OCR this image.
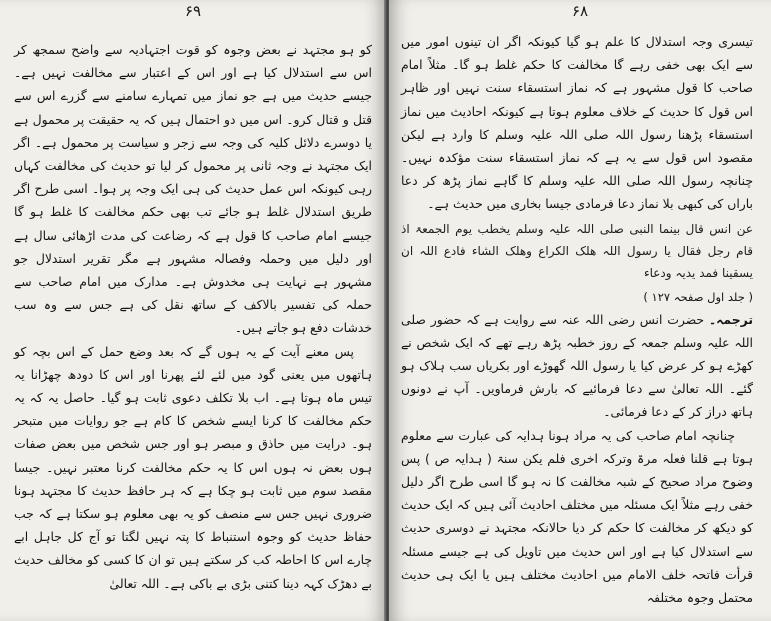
۶۹

کو ہو مجتہد نے بعض وجوہ کو قوت اجتہادیہ سے واضح سمجھ کر اس سے استدلال کیا ہے اور اس کے اعتبار سے مخالفت نہیں ہے۔ جیسے حدیث میں ہے جو نماز میں تمہارے سامنے سے گزرے اس سے قتل و قتال کرو۔ اس میں دو احتمال ہیں کہ یہ حقیقت پر محمول ہے یا دوسرے دلائل کلیہ کی وجہ سے زجر و سیاست پر محمول ہے۔ اگر ایک مجتہد نے وجہ ثانی پر محمول کر لیا تو حدیث کی مخالفت کہاں رہی کیونکہ اس عمل حدیث کی ہی ایک وجہ پر ہوا۔ اسی طرح اگر طریق استدلال غلط ہو جائے تب بھی حکم مخالفت کا غلط ہو گا جیسے امام صاحب کا قول ہے کہ رضاعت کی مدت اڑھائی سال ہے اور دلیل میں وحملہ وفصالہ مشہور ہے مگر تقریر استدلال جو مشہور ہے نہایت ہی مخدوش ہے۔ مدارک میں امام صاحب سے حملہ کی تفسیر بالاکف کے ساتھ نقل کی ہے جس سے وہ سب خدشات دفع ہو جاتے ہیں۔

پس معنے آیت کے یہ ہوں گے کہ بعد وضع حمل کے اس بچہ کو ہاتھوں میں یعنی گود میں لئے لئے پھرنا اور اس کا دودھ چھڑانا یہ تیس ماہ ہوتا ہے۔ اب بلا تکلف دعوی ثابت ہو گیا۔ حاصل یہ کہ یہ حکم مخالفت کا کرنا ایسے شخص کا کام ہے جو روایات میں متبحر ہو۔ درایت میں حاذق و مبصر ہو اور جس شخص میں بعض صفات ہوں بعض نہ ہوں اس کا یہ حکم مخالفت کرنا معتبر نہیں۔ جیسا مقصد سوم میں ثابت ہو چکا ہے کہ ہر حافظ حدیث کا مجتہد ہونا ضروری نہیں جس سے منصف کو یہ بھی معلوم ہو سکتا ہے کہ جب حفاظ حدیث کو وجوہ استنباط کا پتہ نہیں لگتا تو آج کل جاہل ابے چارے اس کا احاطہ کب کر سکتے ہیں تو ان کا کسی کو مخالف حدیث بے دھڑک کہہ دینا کتنی بڑی بے باکی ہے۔ اللہ تعالیٰ

۶۸

تیسری وجہ استدلال کا علم ہو گیا کیونکہ اگر ان تینوں امور میں سے ایک بھی خفی رہے گا مخالفت کا حکم غلط ہو گا۔ مثلاً امام صاحب کا قول مشہور ہے کہ نماز استسقاء سنت نہیں اور ظاہر اس قول کا حدیث کے خلاف معلوم ہوتا ہے کیونکہ احادیث میں نماز استسقاء پڑھنا رسول اللہ صلی اللہ علیہ وسلم کا وارد ہے لیکن مقصود اس قول سے یہ ہے کہ نماز استسقاء سنت مؤکدہ نہیں۔ چنانچہ رسول اللہ صلی اللہ علیہ وسلم کا گاہے نماز پڑھ کر دعا باراں کی کبھی بلا نماز دعا فرمادی جیسا بخاری میں حدیث ہے۔

عن انس قال بینما النبی صلی اللہ علیہ وسلم یخطب یوم الجمعۃ اذ قام رجل فقال یا رسول اللہ ھلک الکراع وھلک الشاء فادع اللہ ان یسقینا فمد یدیہ ودعاء

( جلد اول صفحہ ۱۲۷ )

ترجمہ۔ حضرت انس رضی اللہ عنہ سے روایت ہے کہ حضور صلی اللہ علیہ وسلم جمعہ کے روز خطبہ پڑھ رہے تھے کہ ایک شخص نے کھڑے ہو کر عرض کیا یا رسول اللہ گھوڑے اور بکریاں سب ہلاک ہو گئے۔ اللہ تعالیٰ سے دعا فرمائیے کہ بارش فرماویں۔ آپ نے دونوں ہاتھ دراز کر کے دعا فرمائی۔

چنانچہ امام صاحب کی یہ مراد ہونا ہدایہ کی عبارت سے معلوم ہوتا ہے قلنا فعلہ مرۃ وترکہ اخری فلم یکن سنۃ ( ہدایہ ص ) پس وضوح مراد صحیح کے شبہ مخالفت کا نہ ہو گا اسی طرح اگر دلیل خفی رہے مثلاً ایک مسئلہ میں مختلف احادیث آئی ہیں کہ ایک حدیث کو دیکھ کر مخالفت کا حکم کر دیا حالانکہ مجتہد نے دوسری حدیث سے استدلال کیا ہے اور اس حدیث میں تاویل کی ہے جیسے مسئلہ قرأت فاتحہ خلف الامام میں احادیث مختلف ہیں یا ایک ہی حدیث محتمل وجوہ مختلفہ
